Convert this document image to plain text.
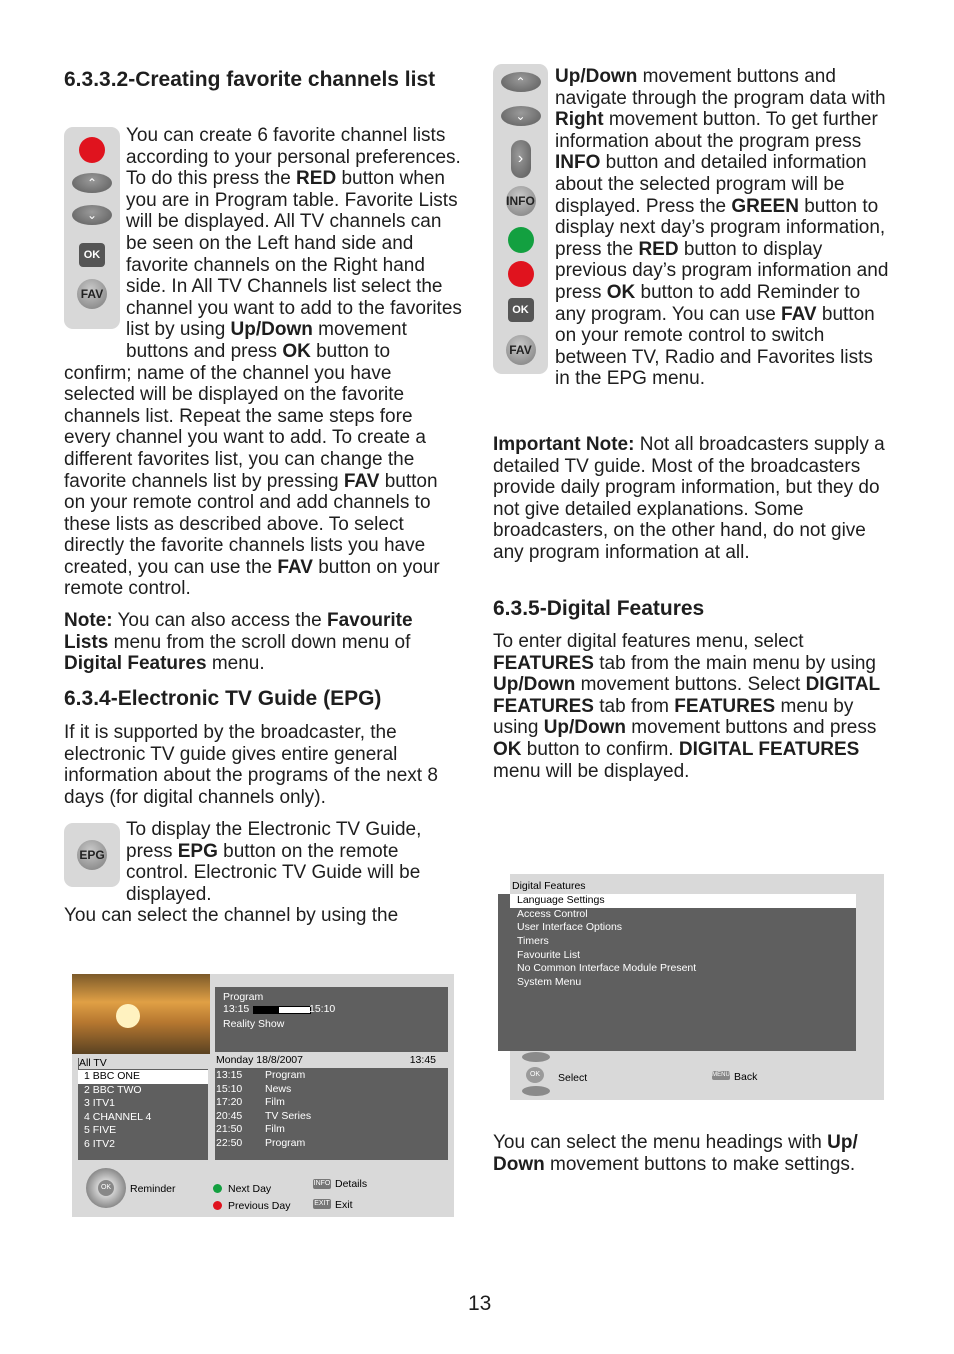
6.3.3.2-Creating favorite channels list
⌃
⌄
OK
FAV

You can create 6 favorite channel lists according to your personal preferences. To do this press the RED button when you are in Program table. Favorite Lists will be displayed. All TV channels can be seen on the Left hand side and favorite channels on the Right hand side. In All TV Channels list select the channel you want to add to the favorites list by using Up/Down movement buttons and press OK button to confirm; name of the channel you have selected will be displayed on the favorite channels list. Repeat the same steps fore every channel you want to add. To create a different favorites list, you can change the favorite channels list by pressing FAV button on your remote control and add channels to these lists as described above. To select directly the favorite channels lists you have created, you can use the FAV button on your remote control.

Note: You can also access the Favourite Lists menu from the scroll down menu of Digital Features menu.

6.3.4-Electronic TV Guide (EPG)

If it is supported by the broadcaster, the electronic TV guide gives entire general information about the programs of the next 8 days (for digital channels only).

EPG

To display the Electronic TV Guide, press EPG button on the remote control. Electronic TV Guide will be displayed.

You can select the channel by using the

Program
13:15	15:10
Reality Show
All TV
1 BBC ONE
2 BBC TWO
3 ITV1
4 CHANNEL 4
5 FIVE
6 ITV2
Monday 18/8/2007	13:45
13:15 Program
15:10 News
17:20 Film
20:45 TV Series
21:50 Film
22:50 Program
OK Reminder	Next Day
Previous Day
INFO Details
EXIT Exit
⌃
⌄
›
INFO
OK
FAV

Up/Down movement buttons and navigate through the program data with Right movement button. To get further information about the program press INFO button and detailed information about the selected program will be displayed. Press the GREEN button to display next day’s program information, press the RED button to display previous day’s program information and press OK button to add Reminder to any program. You can use FAV button on your remote control to switch between TV, Radio and Favorites lists in the EPG menu.

Important Note: Not all broadcasters supply a detailed TV guide. Most of the broadcasters provide daily program information, but they do not give detailed explanations. Some broadcasters, on the other hand, do not give any program information at all.

6.3.5-Digital Features

To enter digital features menu, select FEATURES tab from the main menu by using Up/Down movement buttons. Select DIGITAL FEATURES tab from FEATURES menu by using Up/Down movement buttons and press OK button to confirm. DIGITAL FEATURES menu will be displayed.

Digital Features
Language Settings
Access Control
User Interface Options
Timers
Favourite List
No Common Interface Module Present
System Menu
OK	Select	MENU Back

You can select the menu headings with Up/ Down movement buttons to make settings.

13
